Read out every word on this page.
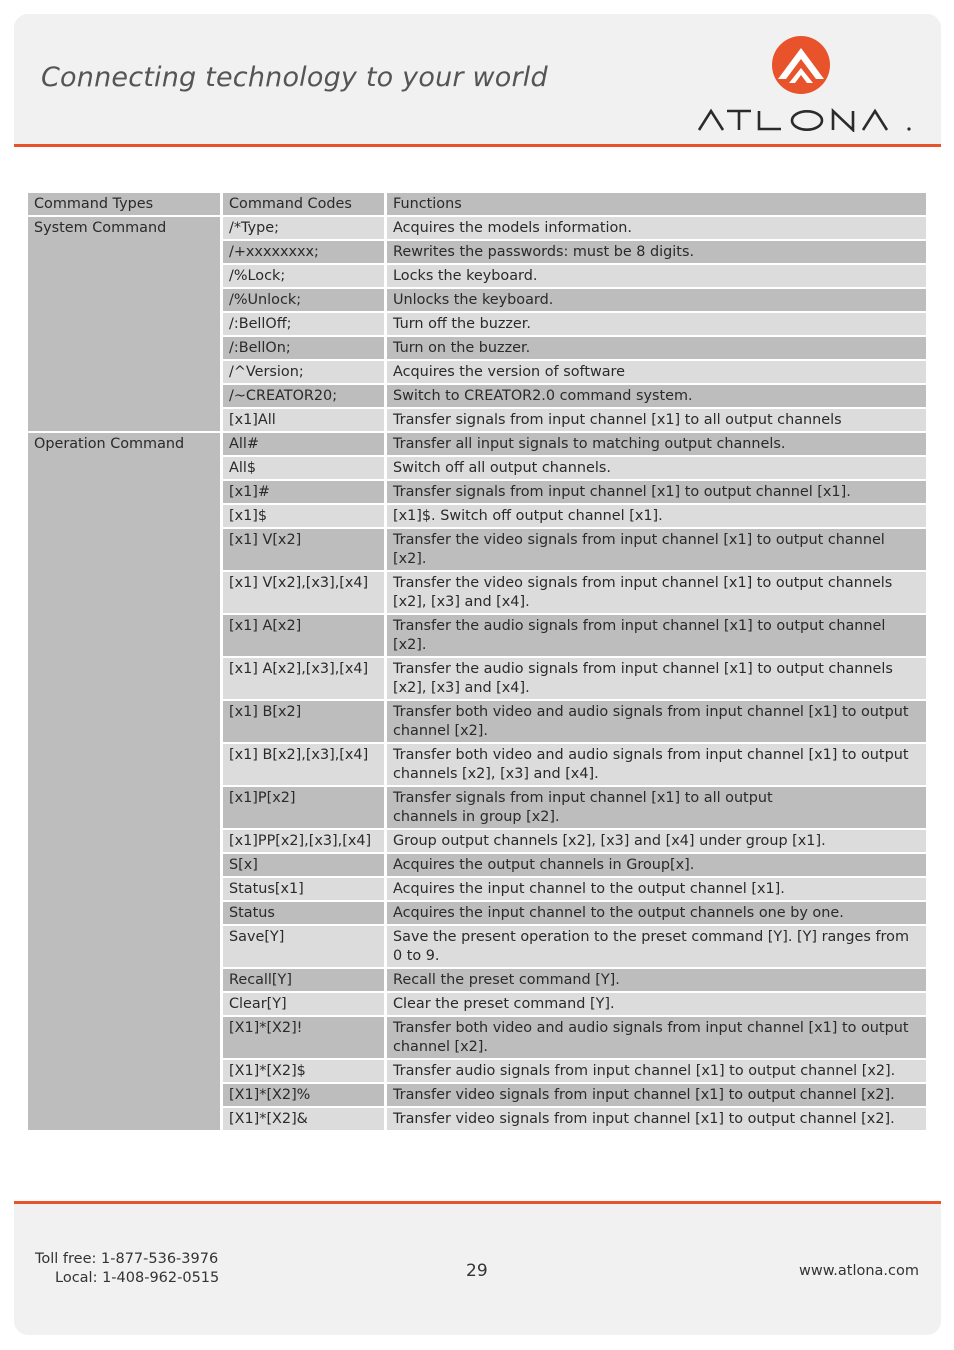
Connecting technology to your world
ATLONA
Command Types	Command Codes	Functions
System Command	/*Type;	Acquires the models information.
	/+xxxxxxxx;	Rewrites the passwords: must be 8 digits.
	/%Lock;	Locks the keyboard.
	/%Unlock;	Unlocks the keyboard.
	/:BellOff;	Turn off the buzzer.
	/:BellOn;	Turn on the buzzer.
	/^Version;	Acquires the version of software
	/~CREATOR20;	Switch to CREATOR2.0 command system.
	[x1]All	Transfer signals from input channel [x1] to all output channels
Operation Command	All#	Transfer all input signals to matching output channels.
	All$	Switch off all output channels.
	[x1]#	Transfer signals from input channel [x1] to output channel [x1].
	[x1]$	[x1]$. Switch off output channel [x1].
	[x1] V[x2]	Transfer the video signals from input channel [x1] to output channel [x2].
	[x1] V[x2],[x3],[x4]	Transfer the video signals from input channel [x1] to output channels [x2], [x3] and [x4].
	[x1] A[x2]	Transfer the audio signals from input channel [x1] to output channel [x2].
	[x1] A[x2],[x3],[x4]	Transfer the audio signals from input channel [x1] to output channels [x2], [x3] and [x4].
	[x1] B[x2]	Transfer both video and audio signals from input channel [x1] to output channel [x2].
	[x1] B[x2],[x3],[x4]	Transfer both video and audio signals from input channel [x1] to output channels [x2], [x3] and [x4].
	[x1]P[x2]	Transfer signals from input channel [x1] to all output
channels in group [x2].
	[x1]PP[x2],[x3],[x4]	Group output channels [x2], [x3] and [x4] under group [x1].
	S[x]	Acquires the output channels in Group[x].
	Status[x1]	Acquires the input channel to the output channel [x1].
	Status	Acquires the input channel to the output channels one by one.
	Save[Y]	Save the present operation to the preset command [Y]. [Y] ranges from 0 to 9.
	Recall[Y]	Recall the preset command [Y].
	Clear[Y]	Clear the preset command [Y].
	[X1]*[X2]!	Transfer both video and audio signals from input channel [x1] to output channel [x2].
	[X1]*[X2]$	Transfer audio signals from input channel [x1] to output channel [x2].
	[X1]*[X2]%	Transfer video signals from input channel [x1] to output channel [x2].
	[X1]*[X2]&	Transfer video signals from input channel [x1] to output channel [x2].
Toll free: 1-877-536-3976
Local: 1-408-962-0515	29	www.atlona.com
